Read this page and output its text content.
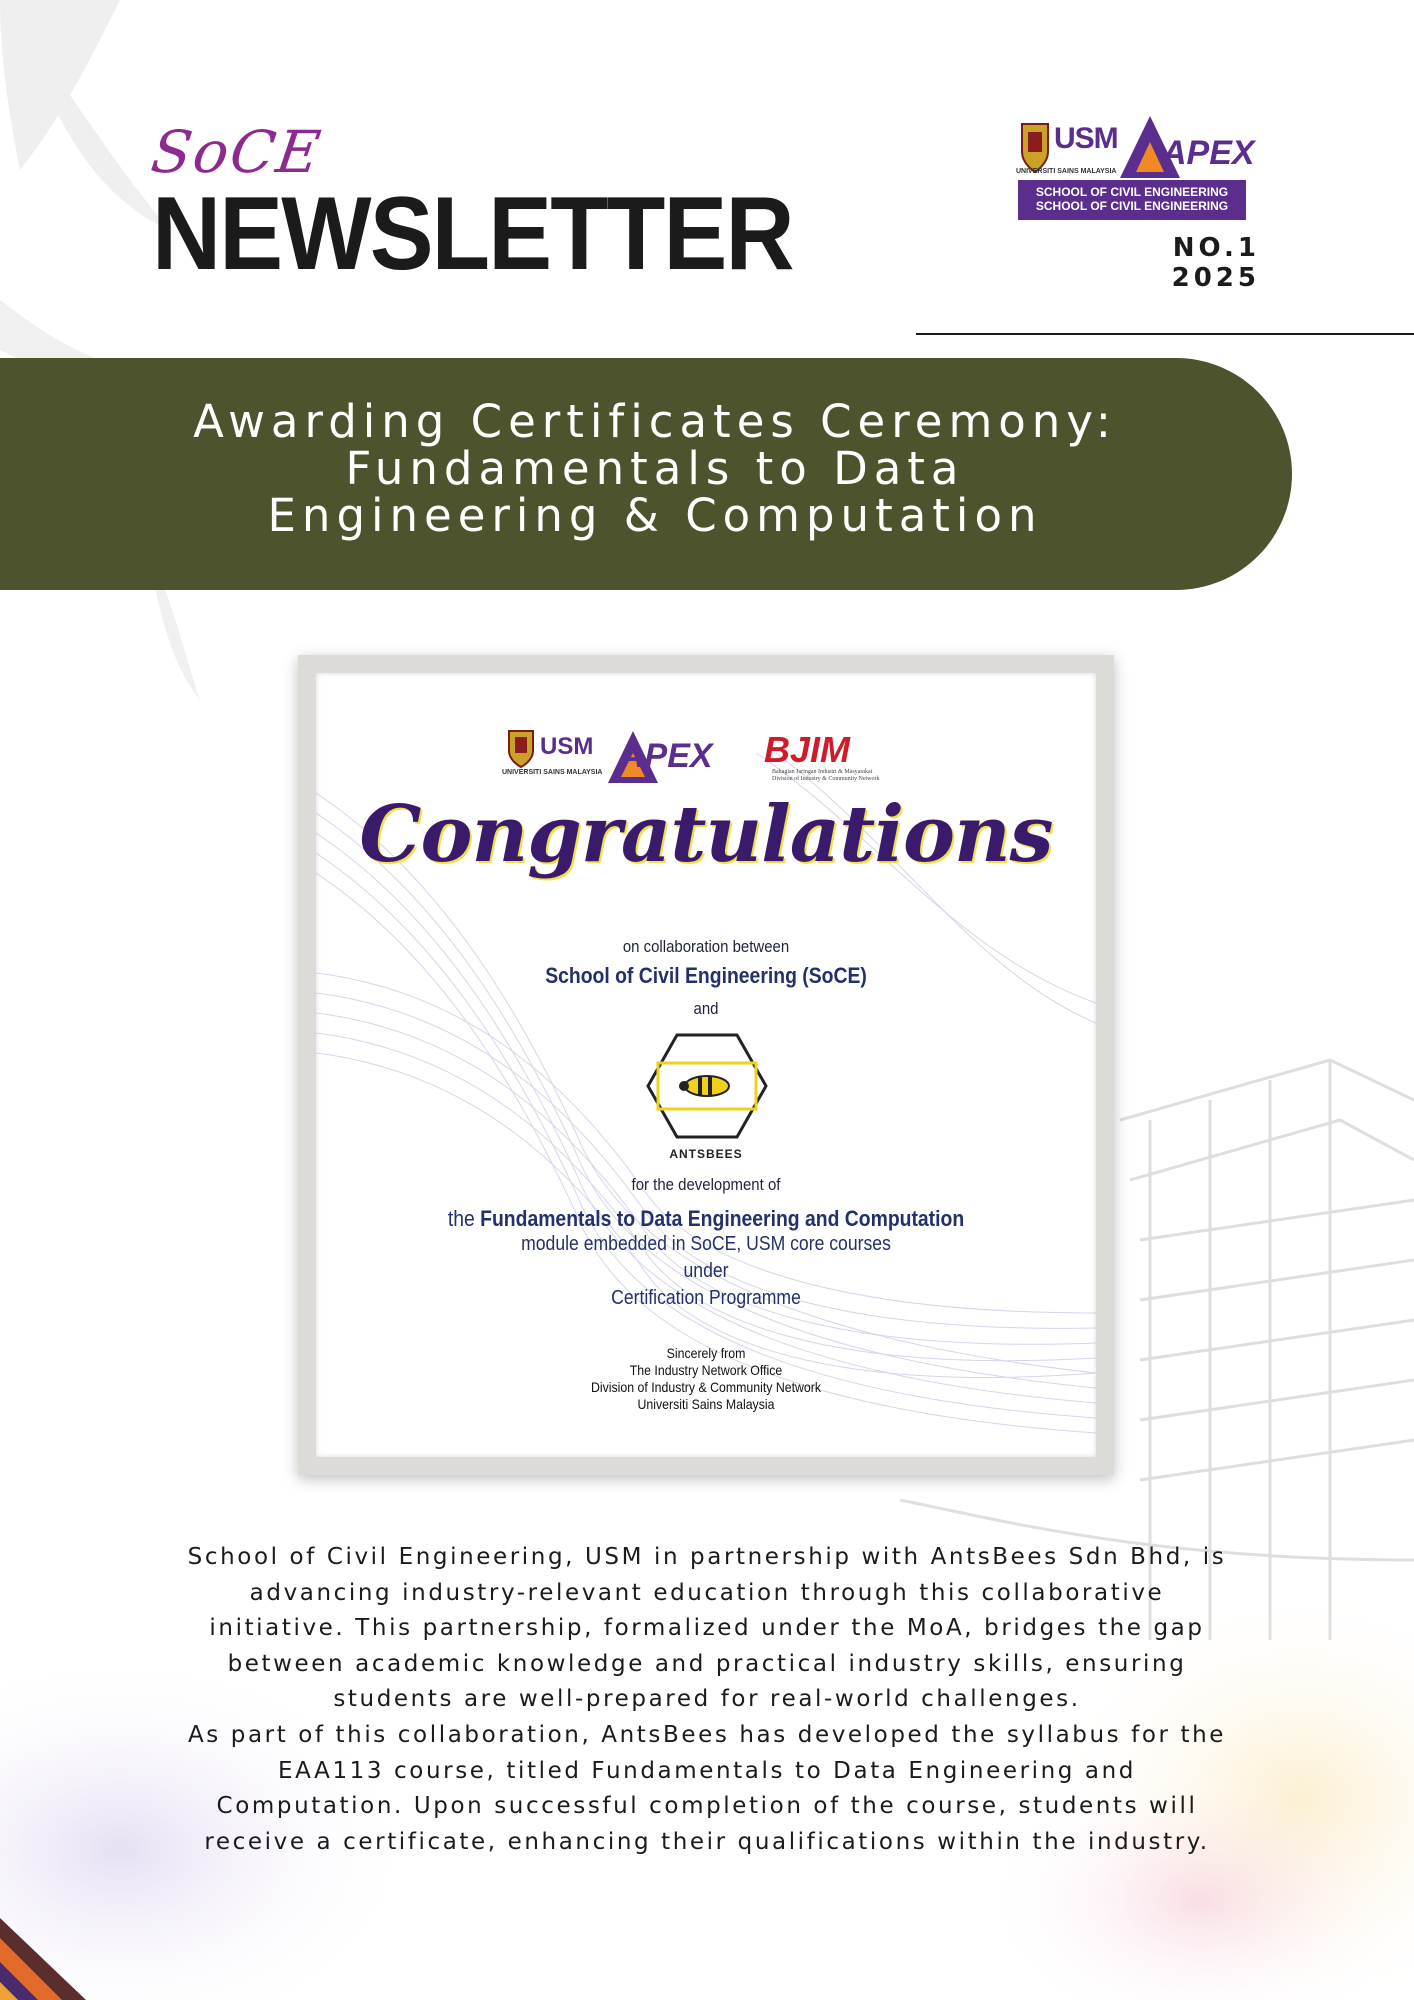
SoCE
NEWSLETTER
USM
UNIVERSITI SAINS MALAYSIA APEX
SCHOOL OF CIVIL ENGINEERING
SCHOOL OF CIVIL ENGINEERING
NO.1
2025
Awarding Certificates Ceremony:
Fundamentals to Data
Engineering & Computation
USM
UNIVERSITI SAINS MALAYSIA APEX BJIM
Bahagian Jaringan Industri & Masyarakat
Division of Industry & Community Network
Congratulations
on collaboration between
School of Civil Engineering (SoCE)
and
ANTSBEES
for the development of
the Fundamentals to Data Engineering and Computation
module embedded in SoCE, USM core courses
under
Certification Programme
Sincerely from
The Industry Network Office
Division of Industry & Community Network
Universiti Sains Malaysia

School of Civil Engineering, USM in partnership with AntsBees Sdn Bhd, is
advancing industry-relevant education through this collaborative
initiative. This partnership, formalized under the MoA, bridges the gap
between academic knowledge and practical industry skills, ensuring
students are well-prepared for real-world challenges.
As part of this collaboration, AntsBees has developed the syllabus for the
EAA113 course, titled Fundamentals to Data Engineering and
Computation. Upon successful completion of the course, students will
receive a certificate, enhancing their qualifications within the industry.
